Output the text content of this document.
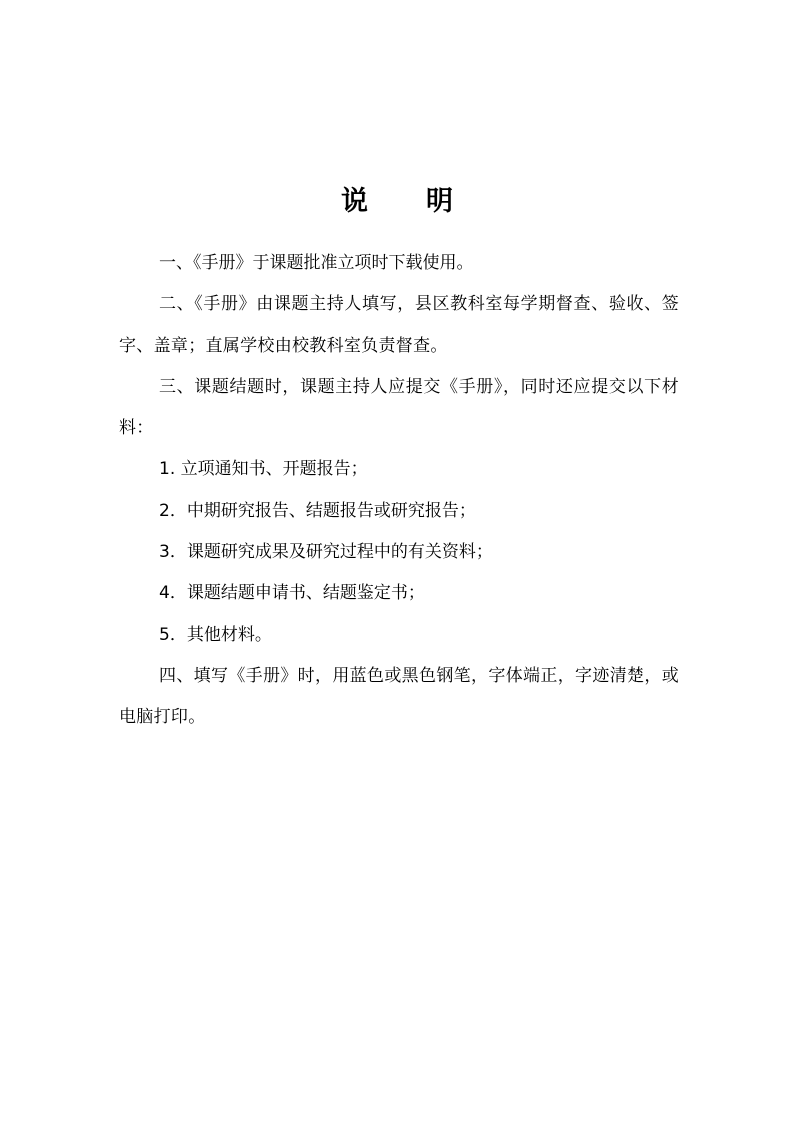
说 明

一、《手册》于课题批准立项时下载使用。

二、《手册》由课题主持人填写，县区教科室每学期督查、验收、签字、盖章；直属学校由校教科室负责督查。

三、课题结题时，课题主持人应提交《手册》，同时还应提交以下材料：

1. 立项通知书、开题报告；

2．中期研究报告、结题报告或研究报告；

3．课题研究成果及研究过程中的有关资料；

4．课题结题申请书、结题鉴定书；

5．其他材料。

四、填写《手册》时，用蓝色或黑色钢笔，字体端正，字迹清楚，或电脑打印。
